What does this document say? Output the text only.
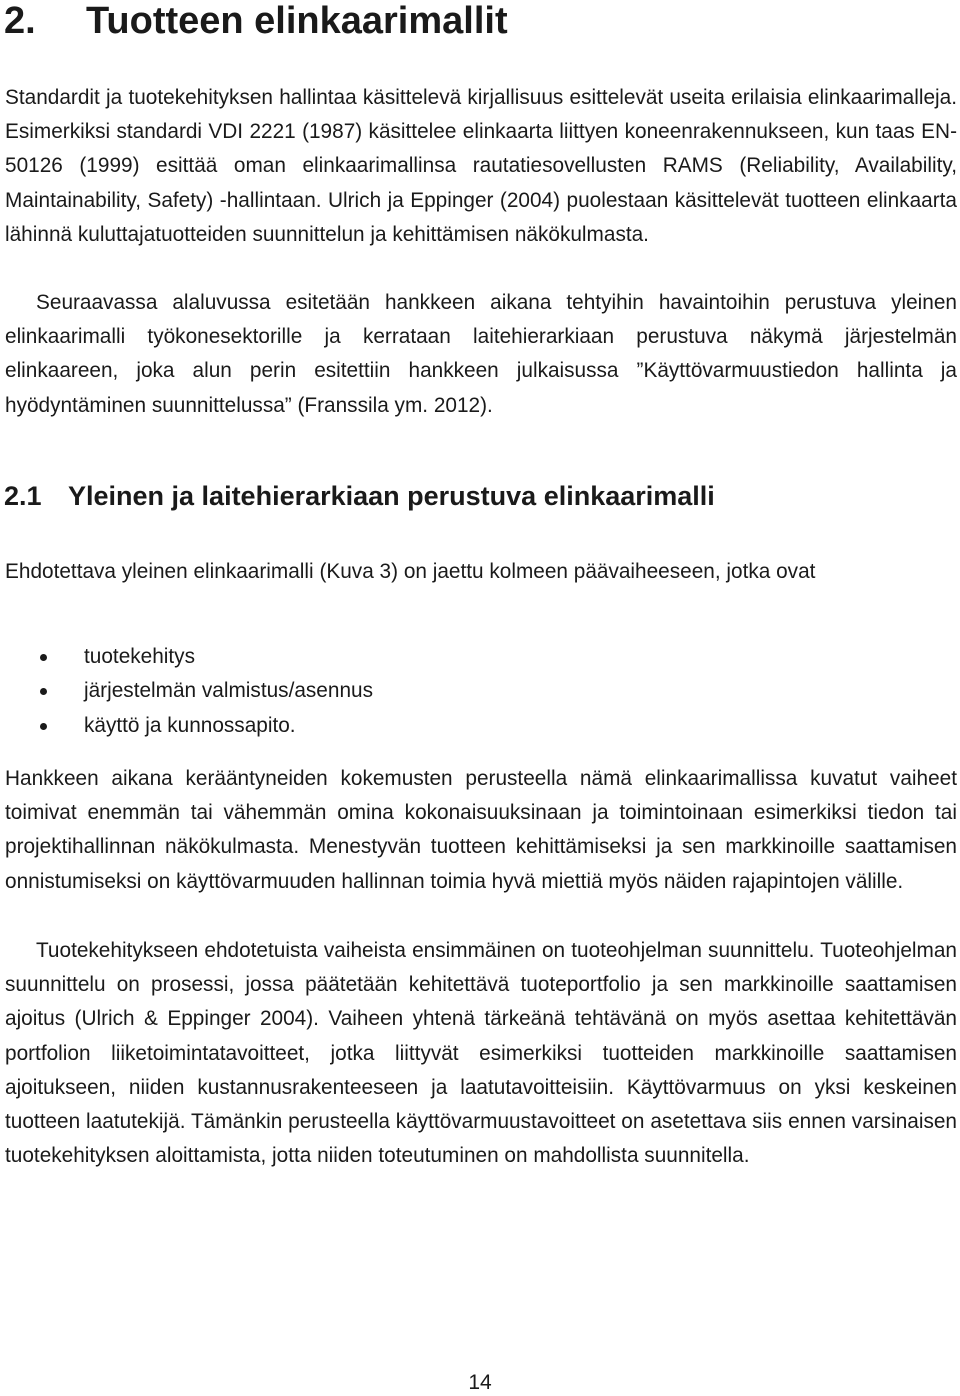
2. Tuotteen elinkaarimallit

Standardit ja tuotekehityksen hallintaa käsittelevä kirjallisuus esittelevät useita erilaisia elinkaarimalleja. Esimerkiksi standardi VDI 2221 (1987) käsittelee elinkaarta liittyen koneenrakennukseen, kun taas EN-50126 (1999) esittää oman elinkaarimallinsa rautatiesovellusten RAMS (Reliability, Availability, Maintainability, Safety) -hallintaan. Ulrich ja Eppinger (2004) puolestaan käsittelevät tuotteen elinkaarta lähinnä kuluttajatuotteiden suunnittelun ja kehittämisen näkökulmasta.

Seuraavassa alaluvussa esitetään hankkeen aikana tehtyihin havaintoihin perustuva yleinen elinkaarimalli työkonesektorille ja kerrataan laitehierarkiaan perustuva näkymä järjestelmän elinkaareen, joka alun perin esitettiin hankkeen julkaisussa ”Käyttövarmuustiedon hallinta ja hyödyntäminen suunnittelussa” (Franssila ym. 2012).

2.1 Yleinen ja laitehierarkiaan perustuva elinkaarimalli

Ehdotettava yleinen elinkaarimalli (Kuva 3) on jaettu kolmeen päävaiheeseen, jotka ovat

tuotekehitys
järjestelmän valmistus/asennus
käyttö ja kunnossapito.

Hankkeen aikana kerääntyneiden kokemusten perusteella nämä elinkaarimallissa kuvatut vaiheet toimivat enemmän tai vähemmän omina kokonaisuuksinaan ja toimintoinaan esimerkiksi tiedon tai projektihallinnan näkökulmasta. Menestyvän tuotteen kehittämiseksi ja sen markkinoille saattamisen onnistumiseksi on käyttövarmuuden hallinnan toimia hyvä miettiä myös näiden rajapintojen välille.

Tuotekehitykseen ehdotetuista vaiheista ensimmäinen on tuoteohjelman suunnittelu. Tuoteohjelman suunnittelu on prosessi, jossa päätetään kehitettävä tuoteportfolio ja sen markkinoille saattamisen ajoitus (Ulrich & Eppinger 2004). Vaiheen yhtenä tärkeänä tehtävänä on myös asettaa kehitettävän portfolion liiketoimintatavoitteet, jotka liittyvät esimerkiksi tuotteiden markkinoille saattamisen ajoitukseen, niiden kustannusrakenteeseen ja laatutavoitteisiin. Käyttövarmuus on yksi keskeinen tuotteen laatutekijä. Tämänkin perusteella käyttövarmuustavoitteet on asetettava siis ennen varsinaisen tuotekehityksen aloittamista, jotta niiden toteutuminen on mahdollista suunnitella.

14
